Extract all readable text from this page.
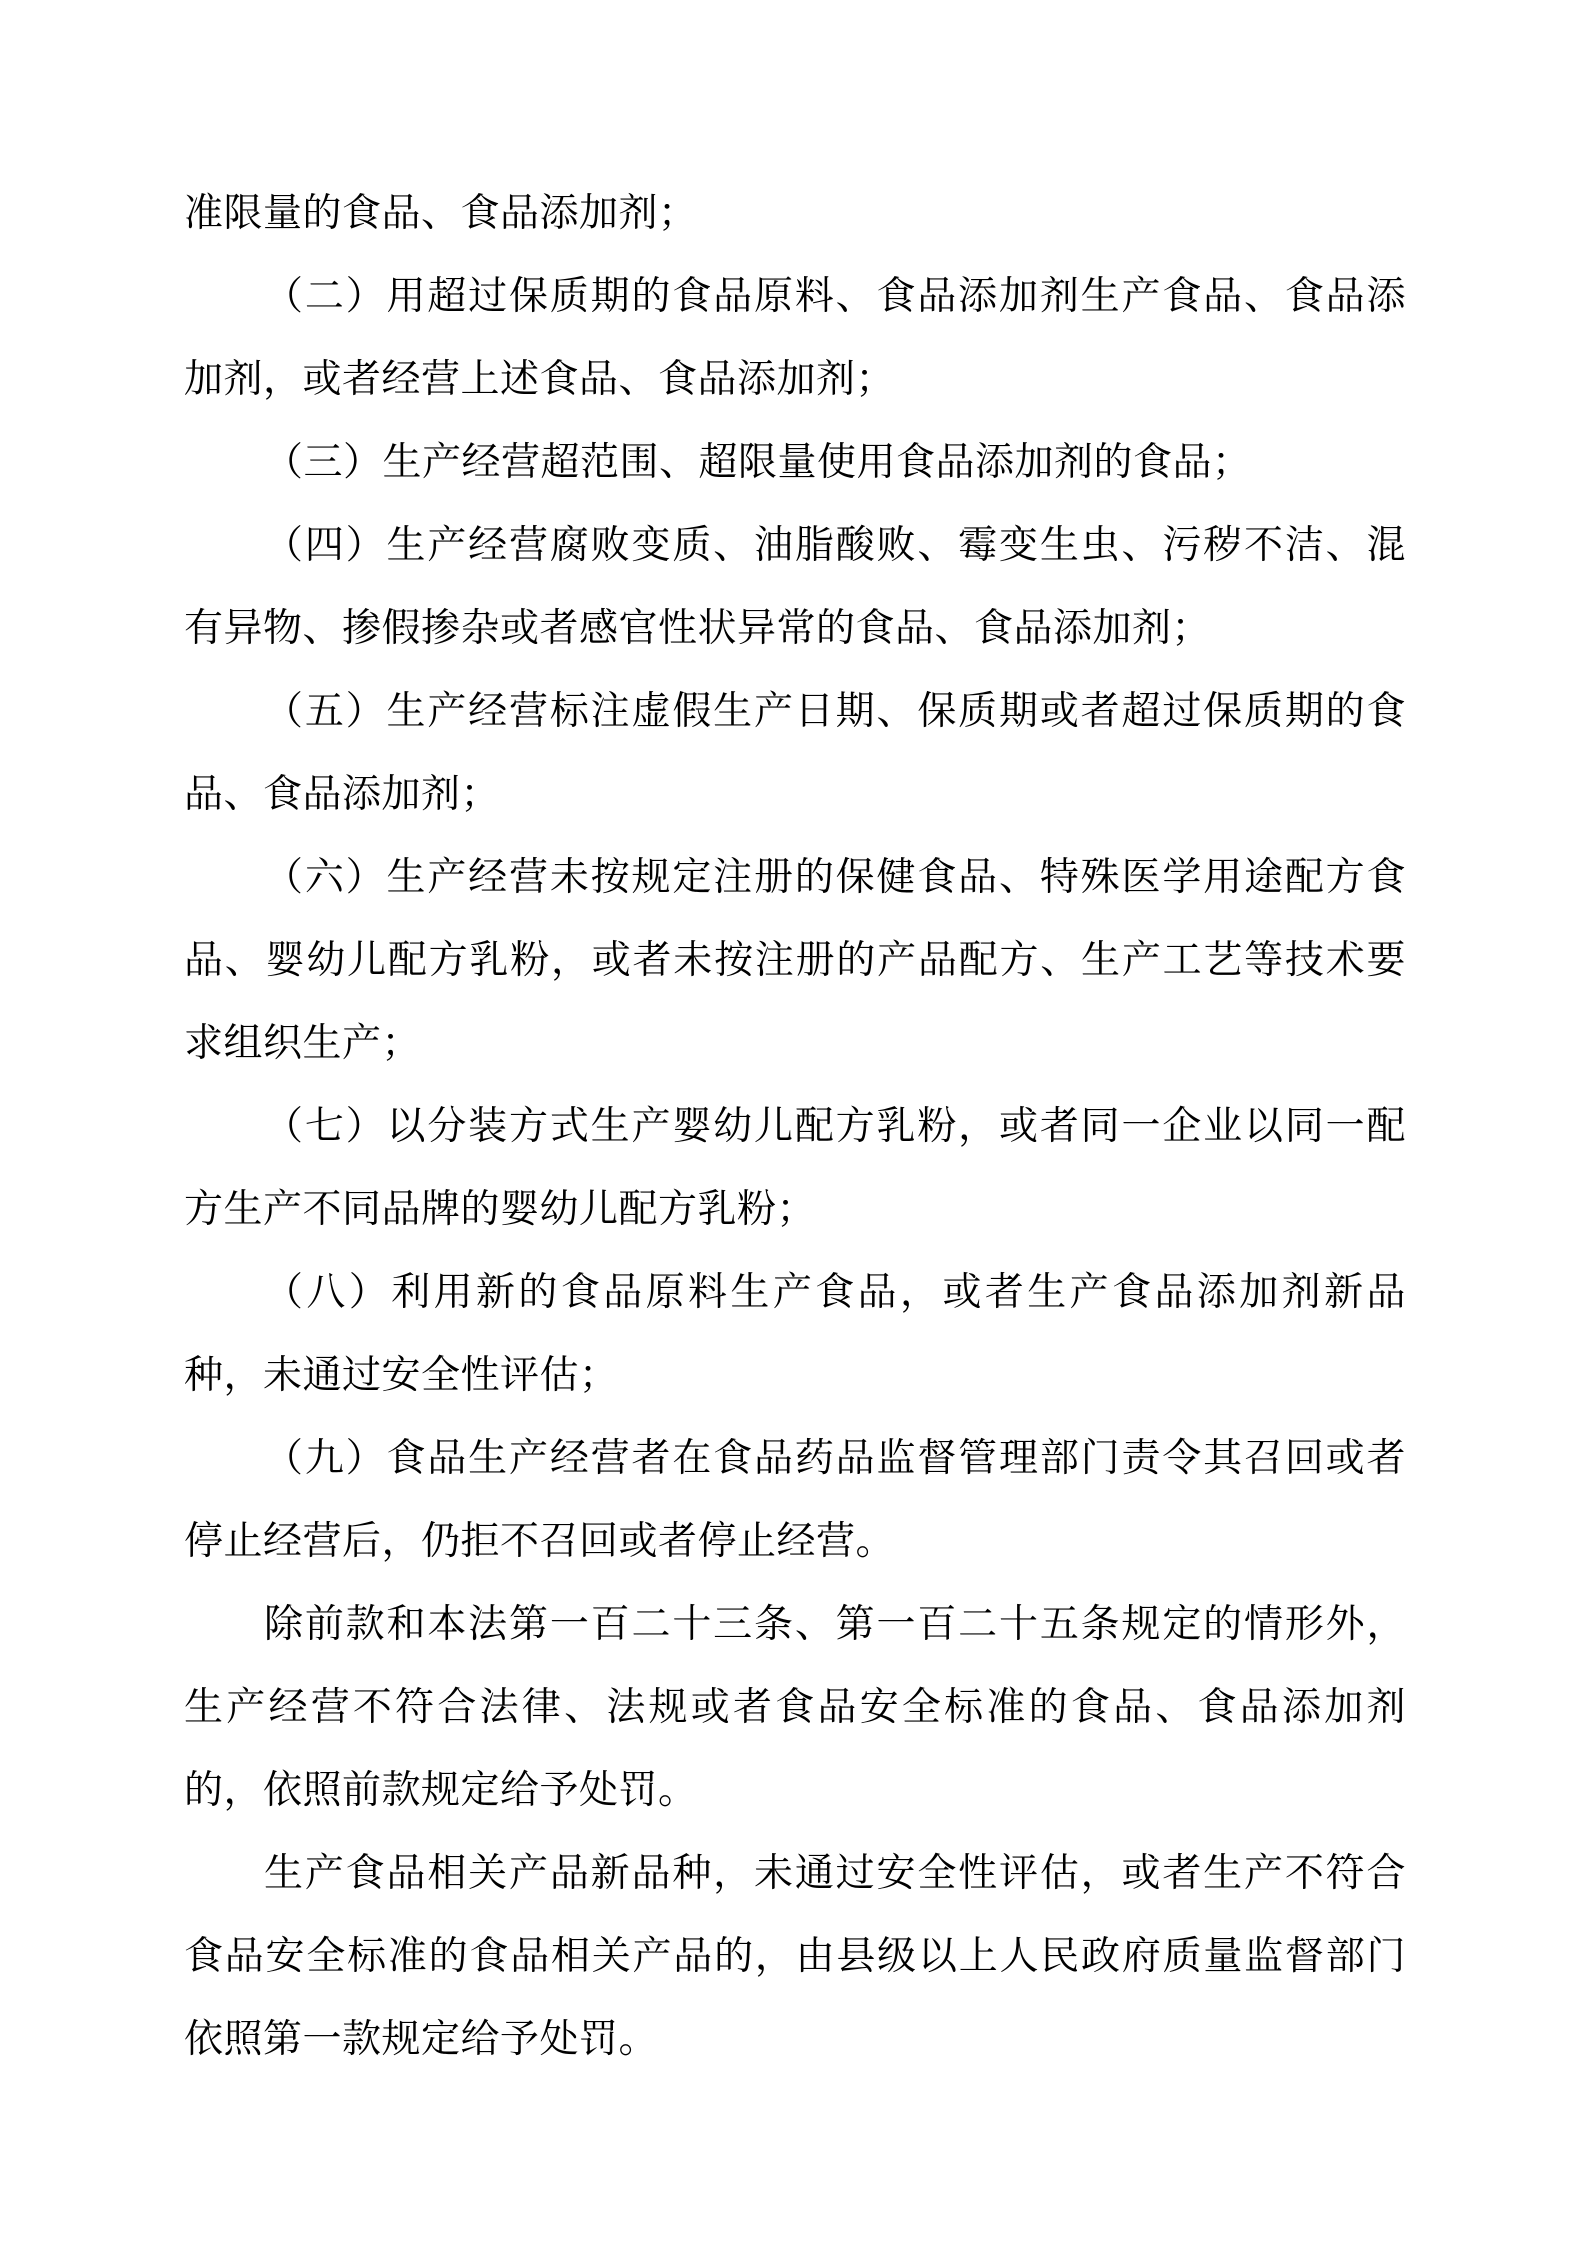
准限量的食品、食品添加剂；

（二）用超过保质期的食品原料、食品添加剂生产食品、食品添加剂，或者经营上述食品、食品添加剂；

（三）生产经营超范围、超限量使用食品添加剂的食品；

（四）生产经营腐败变质、油脂酸败、霉变生虫、污秽不洁、混有异物、掺假掺杂或者感官性状异常的食品、食品添加剂；

（五）生产经营标注虚假生产日期、保质期或者超过保质期的食品、食品添加剂；

（六）生产经营未按规定注册的保健食品、特殊医学用途配方食品、婴幼儿配方乳粉，或者未按注册的产品配方、生产工艺等技术要求组织生产；

（七）以分装方式生产婴幼儿配方乳粉，或者同一企业以同一配方生产不同品牌的婴幼儿配方乳粉；

（八）利用新的食品原料生产食品，或者生产食品添加剂新品种，未通过安全性评估；

（九）食品生产经营者在食品药品监督管理部门责令其召回或者停止经营后，仍拒不召回或者停止经营。

除前款和本法第一百二十三条、第一百二十五条规定的情形外，生产经营不符合法律、法规或者食品安全标准的食品、食品添加剂的，依照前款规定给予处罚。

生产食品相关产品新品种，未通过安全性评估，或者生产不符合食品安全标准的食品相关产品的，由县级以上人民政府质量监督部门依照第一款规定给予处罚。
